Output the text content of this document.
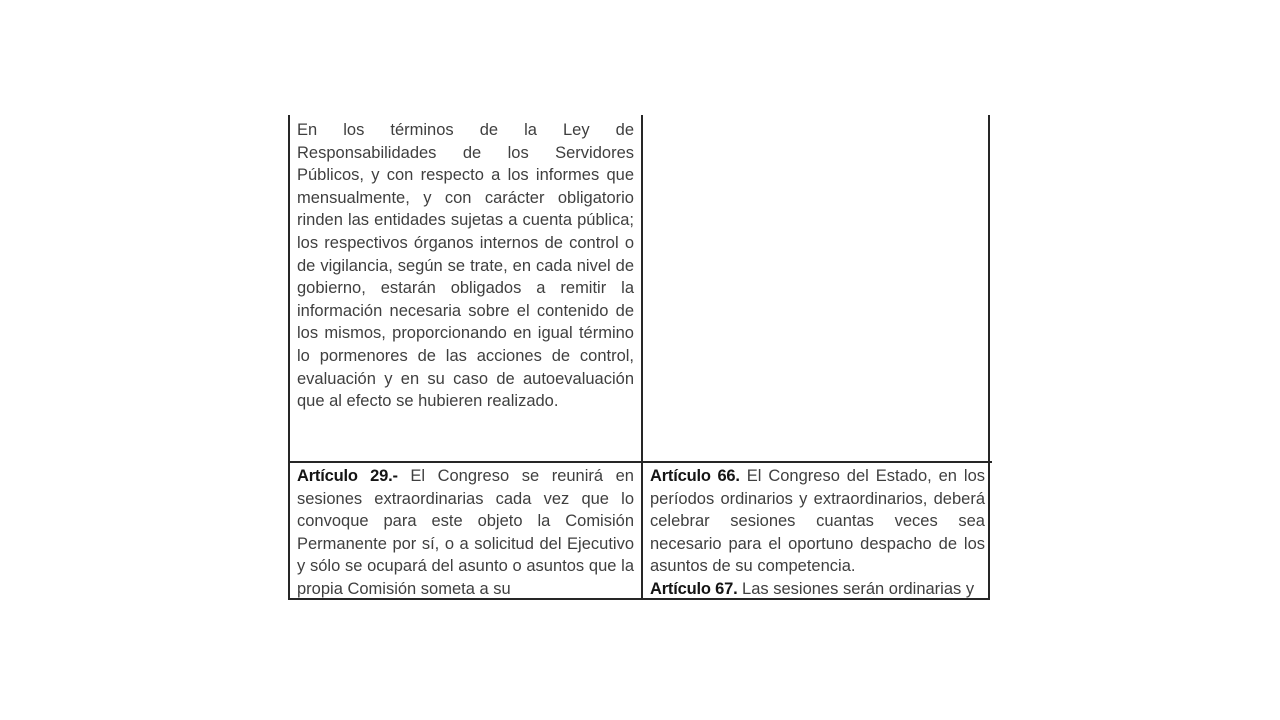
En los términos de la Ley de Responsabilidades de los Servidores Públicos, y con respecto a los informes que mensualmente, y con carácter obligatorio rinden las entidades sujetas a cuenta pública; los respectivos órganos internos de control o de vigilancia, según se trate, en cada nivel de gobierno, estarán obligados a remitir la información necesaria sobre el contenido de los mismos, proporcionando en igual término lo pormenores de las acciones de control, evaluación y en su caso de autoevaluación que al efecto se hubieren realizado.
Artículo 29.- El Congreso se reunirá en sesiones extraordinarias cada vez que lo convoque para este objeto la Comisión Permanente por sí, o a solicitud del Ejecutivo y sólo se ocupará del asunto o asuntos que la propia Comisión someta a su
Artículo 66. El Congreso del Estado, en los períodos ordinarios y extraordinarios, deberá celebrar sesiones cuantas veces sea necesario para el oportuno despacho de los asuntos de su competencia.
Artículo 67. Las sesiones serán ordinarias y
